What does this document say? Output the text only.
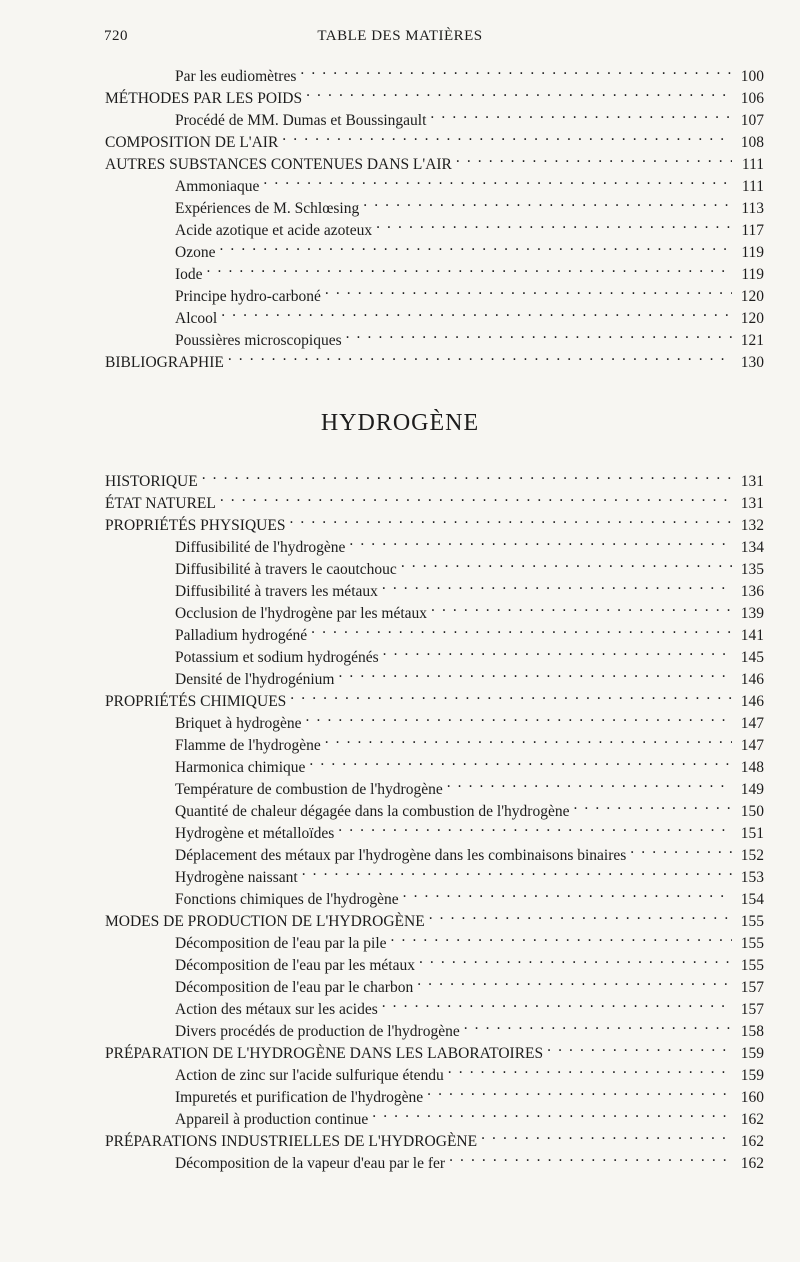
720	TABLE DES MATIÈRES
Par les eudiomètres . . .	100
MÉTHODES PAR LES POIDS . . .	106
Procédé de MM. Dumas et Boussingault . . .	107
COMPOSITION DE L'AIR . . .	108
AUTRES SUBSTANCES CONTENUES DANS L'AIR . . .	111
Ammoniaque . . .	111
Expériences de M. Schlœsing . . .	113
Acide azotique et acide azoteux . . .	117
Ozone . . .	119
Iode . . .	119
Principe hydro-carboné . . .	120
Alcool . . .	120
Poussières microscopiques . . .	121
BIBLIOGRAPHIE . . .	130
HYDROGÈNE
HISTORIQUE . . .	131
ÉTAT NATUREL . . .	131
PROPRIÉTÉS PHYSIQUES . . .	132
Diffusibilité de l'hydrogène . . .	134
Diffusibilité à travers le caoutchouc . . .	135
Diffusibilité à travers les métaux . . .	136
Occlusion de l'hydrogène par les métaux . . .	139
Palladium hydrogéné . . .	141
Potassium et sodium hydrogénés . . .	145
Densité de l'hydrogénium . . .	146
PROPRIÉTÉS CHIMIQUES . . .	146
Briquet à hydrogène . . .	147
Flamme de l'hydrogène . . .	147
Harmonica chimique . . .	148
Température de combustion de l'hydrogène . . .	149
Quantité de chaleur dégagée dans la combustion de l'hydrogène . . .	150
Hydrogène et métalloïdes . . .	151
Déplacement des métaux par l'hydrogène dans les combinaisons binaires . . .	152
Hydrogène naissant . . .	153
Fonctions chimiques de l'hydrogène . . .	154
MODES DE PRODUCTION DE L'HYDROGÈNE . . .	155
Décomposition de l'eau par la pile . . .	155
Décomposition de l'eau par les métaux . . .	155
Décomposition de l'eau par le charbon . . .	157
Action des métaux sur les acides . . .	157
Divers procédés de production de l'hydrogène . . .	158
PRÉPARATION DE L'HYDROGÈNE DANS LES LABORATOIRES . . .	159
Action de zinc sur l'acide sulfurique étendu . . .	159
Impuretés et purification de l'hydrogène . . .	160
Appareil à production continue . . .	162
PRÉPARATIONS INDUSTRIELLES DE L'HYDROGÈNE . . .	162
Décomposition de la vapeur d'eau par le fer . . .	162
